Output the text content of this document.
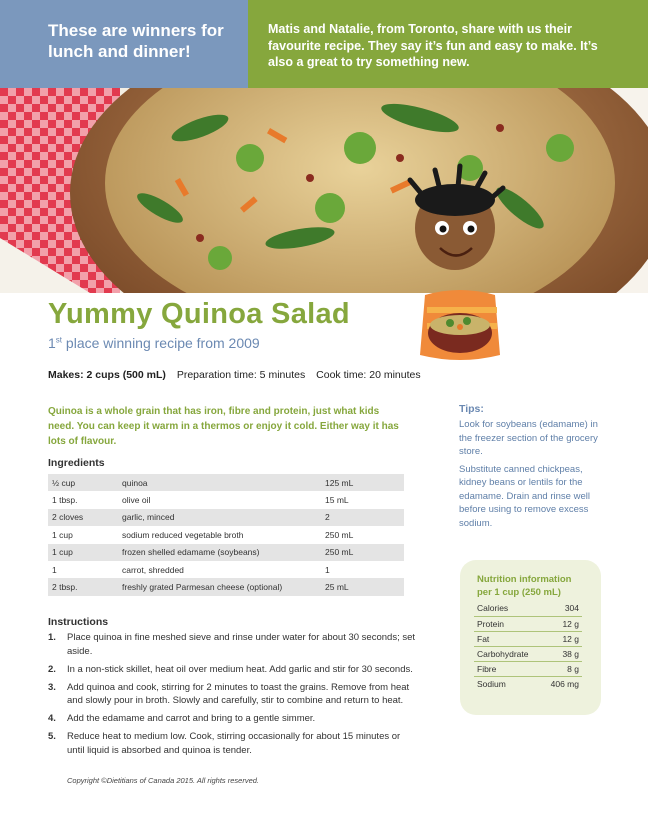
These are winners for lunch and dinner!
Matis and Natalie, from Toronto, share with us their favourite recipe. They say it’s fun and easy to make. It’s also a great to try something new.
Yummy Quinoa Salad
1st place winning recipe from 2009
Makes: 2 cups (500 mL) Preparation time: 5 minutes Cook time: 20 minutes
Quinoa is a whole grain that has iron, fibre and protein, just what kids need. You can keep it warm in a thermos or enjoy it cold. Either way it has lots of flavour.
Ingredients
½ cup	quinoa	125 mL
1 tbsp.	olive oil	15 mL
2 cloves	garlic, minced	2
1 cup	sodium reduced vegetable broth	250 mL
1 cup	frozen shelled edamame (soybeans)	250 mL
1	carrot, shredded	1
2 tbsp.	freshly grated Parmesan cheese (optional)	25 mL
Instructions
1. Place quinoa in fine meshed sieve and rinse under water for about 30 seconds; set aside.
2. In a non-stick skillet, heat oil over medium heat. Add garlic and stir for 30 seconds.
3. Add quinoa and cook, stirring for 2 minutes to toast the grains. Remove from heat and slowly pour in broth. Slowly and carefully, stir to combine and return to heat.
4. Add the edamame and carrot and bring to a gentle simmer.
5. Reduce heat to medium low. Cook, stirring occasionally for about 15 minutes or until liquid is absorbed and quinoa is tender.
Copyright ©Dietitians of Canada 2015. All rights reserved.
Tips:

Look for soybeans (edamame) in the freezer section of the grocery store.

Substitute canned chickpeas, kidney beans or lentils for the edamame. Drain and rinse well before using to remove excess sodium.

Nutrition information
per 1 cup (250 mL)
Calories	304
Protein	12 g
Fat	12 g
Carbohydrate	38 g
Fibre	8 g
Sodium	406 mg
